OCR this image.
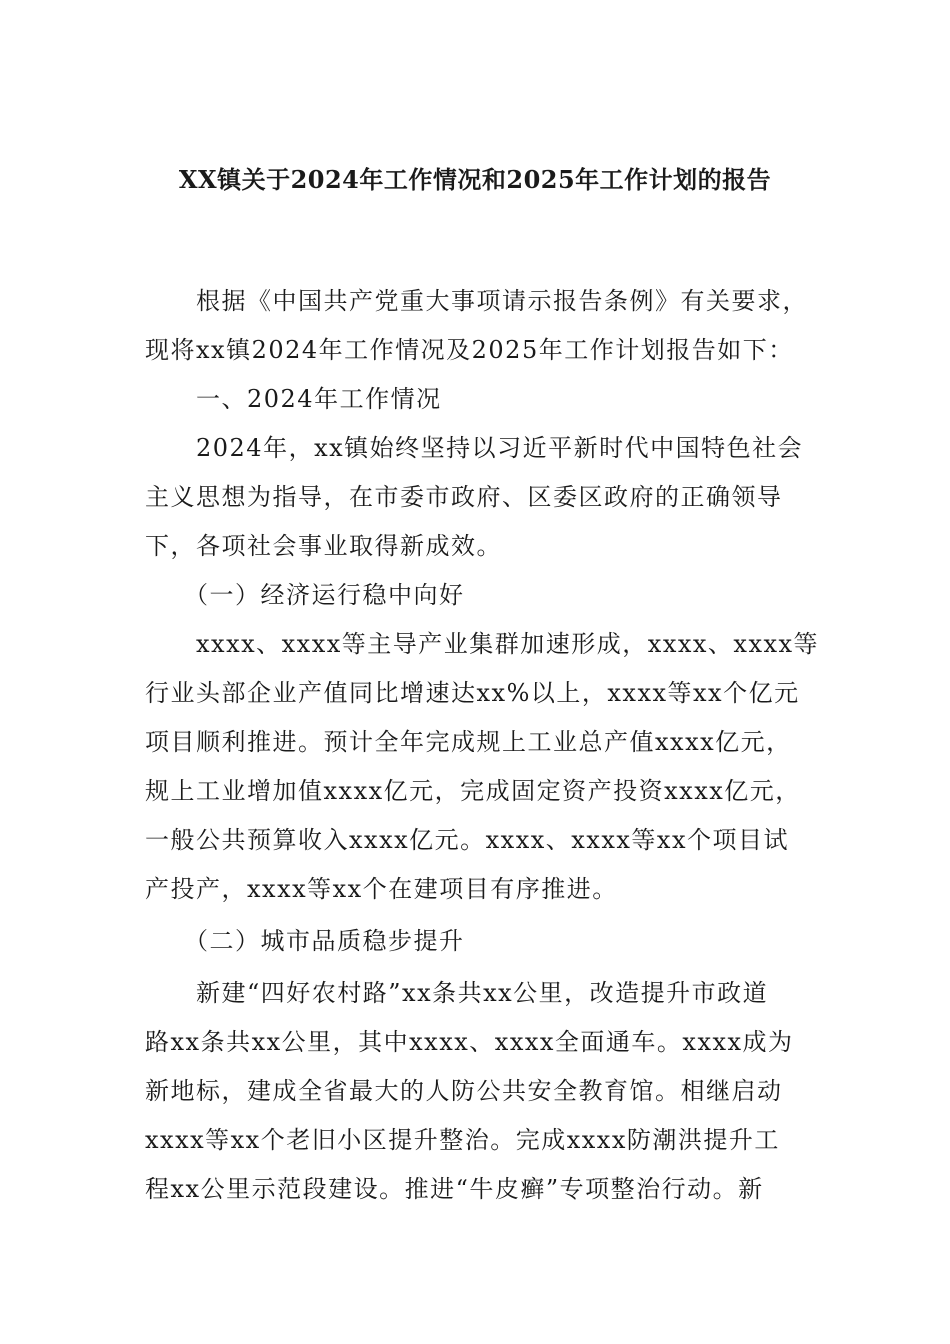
XX镇关于2024年工作情况和2025年工作计划的报告
　　根据《中国共产党重大事项请示报告条例》有关要求，
现将xx镇2024年工作情况及2025年工作计划报告如下：
　　一、2024年工作情况
　　2024年，xx镇始终坚持以习近平新时代中国特色社会
主义思想为指导，在市委市政府、区委区政府的正确领导
下，各项社会事业取得新成效。
　　（一）经济运行稳中向好
　　xxxx、xxxx等主导产业集群加速形成，xxxx、xxxx等
行业头部企业产值同比增速达xx%以上，xxxx等xx个亿元
项目顺利推进。预计全年完成规上工业总产值xxxx亿元，
规上工业增加值xxxx亿元，完成固定资产投资xxxx亿元，
一般公共预算收入xxxx亿元。xxxx、xxxx等xx个项目试
产投产，xxxx等xx个在建项目有序推进。
　　（二）城市品质稳步提升
　　新建“四好农村路”xx条共xx公里，改造提升市政道
路xx条共xx公里，其中xxxx、xxxx全面通车。xxxx成为
新地标，建成全省最大的人防公共安全教育馆。相继启动
xxxx等xx个老旧小区提升整治。完成xxxx防潮洪提升工
程xx公里示范段建设。推进“牛皮癣”专项整治行动。新
